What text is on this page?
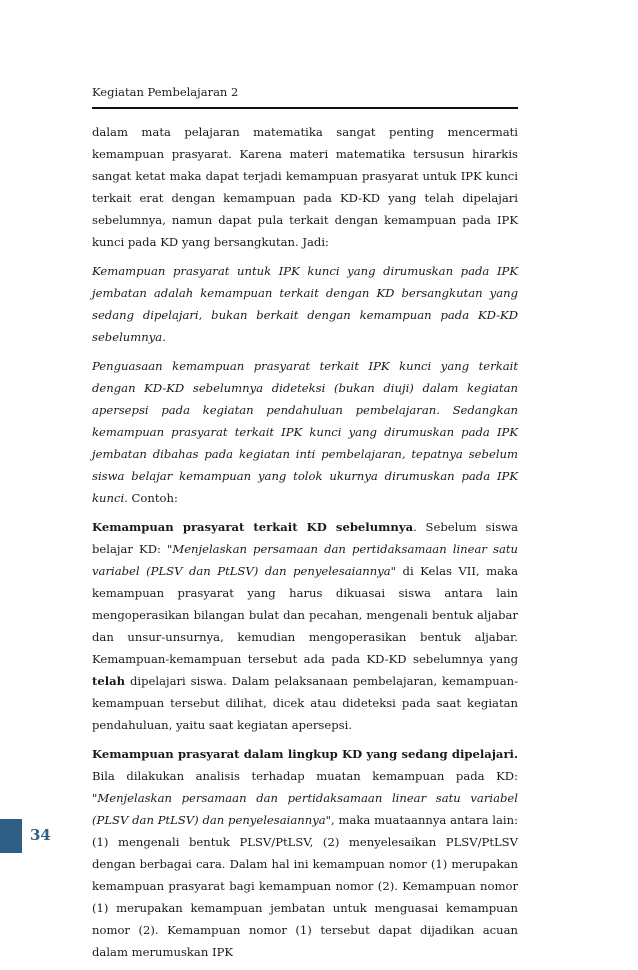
Kegiatan Pembelajaran 2

dalam mata pelajaran matematika sangat penting mencermati kemampuan prasyarat. Karena materi matematika tersusun hirarkis sangat ketat maka dapat terjadi kemampuan prasyarat untuk IPK kunci terkait erat dengan kemampuan pada KD-KD yang telah dipelajari sebelumnya, namun dapat pula terkait dengan kemampuan pada IPK kunci pada KD yang bersangkutan. Jadi:

Kemampuan prasyarat untuk IPK kunci yang dirumuskan pada IPK jembatan adalah kemampuan terkait dengan KD bersangkutan yang sedang dipelajari, bukan berkait dengan kemampuan pada KD-KD sebelumnya.

Penguasaan kemampuan prasyarat terkait IPK kunci yang terkait dengan KD-KD sebelumnya dideteksi (bukan diuji) dalam kegiatan apersepsi pada kegiatan pendahuluan pembelajaran. Sedangkan kemampuan prasyarat terkait IPK kunci yang dirumuskan pada IPK jembatan dibahas pada kegiatan inti pembelajaran, tepatnya sebelum siswa belajar kemampuan yang tolok ukurnya dirumuskan pada IPK kunci. Contoh:

Kemampuan prasyarat terkait KD sebelumnya. Sebelum siswa belajar KD: "Menjelaskan persamaan dan pertidaksamaan linear satu variabel (PLSV dan PtLSV) dan penyelesaiannya" di Kelas VII, maka kemampuan prasyarat yang harus dikuasai siswa antara lain mengoperasikan bilangan bulat dan pecahan, mengenali bentuk aljabar dan unsur-unsurnya, kemudian mengoperasikan bentuk aljabar. Kemampuan-kemampuan tersebut ada pada KD-KD sebelumnya yang telah dipelajari siswa. Dalam pelaksanaan pembelajaran, kemampuan-kemampuan tersebut dilihat, dicek atau dideteksi pada saat kegiatan pendahuluan, yaitu saat kegiatan apersepsi.

Kemampuan prasyarat dalam lingkup KD yang sedang dipelajari. Bila dilakukan analisis terhadap muatan kemampuan pada KD: "Menjelaskan persamaan dan pertidaksamaan linear satu variabel (PLSV dan PtLSV) dan penyelesaiannya", maka muataannya antara lain: (1) mengenali bentuk PLSV/PtLSV, (2) menyelesaikan PLSV/PtLSV dengan berbagai cara. Dalam hal ini kemampuan nomor (1) merupakan kemampuan prasyarat bagi kemampuan nomor (2). Kemampuan nomor (1) merupakan kemampuan jembatan untuk menguasai kemampuan nomor (2). Kemampuan nomor (1) tersebut dapat dijadikan acuan dalam merumuskan IPK

34
